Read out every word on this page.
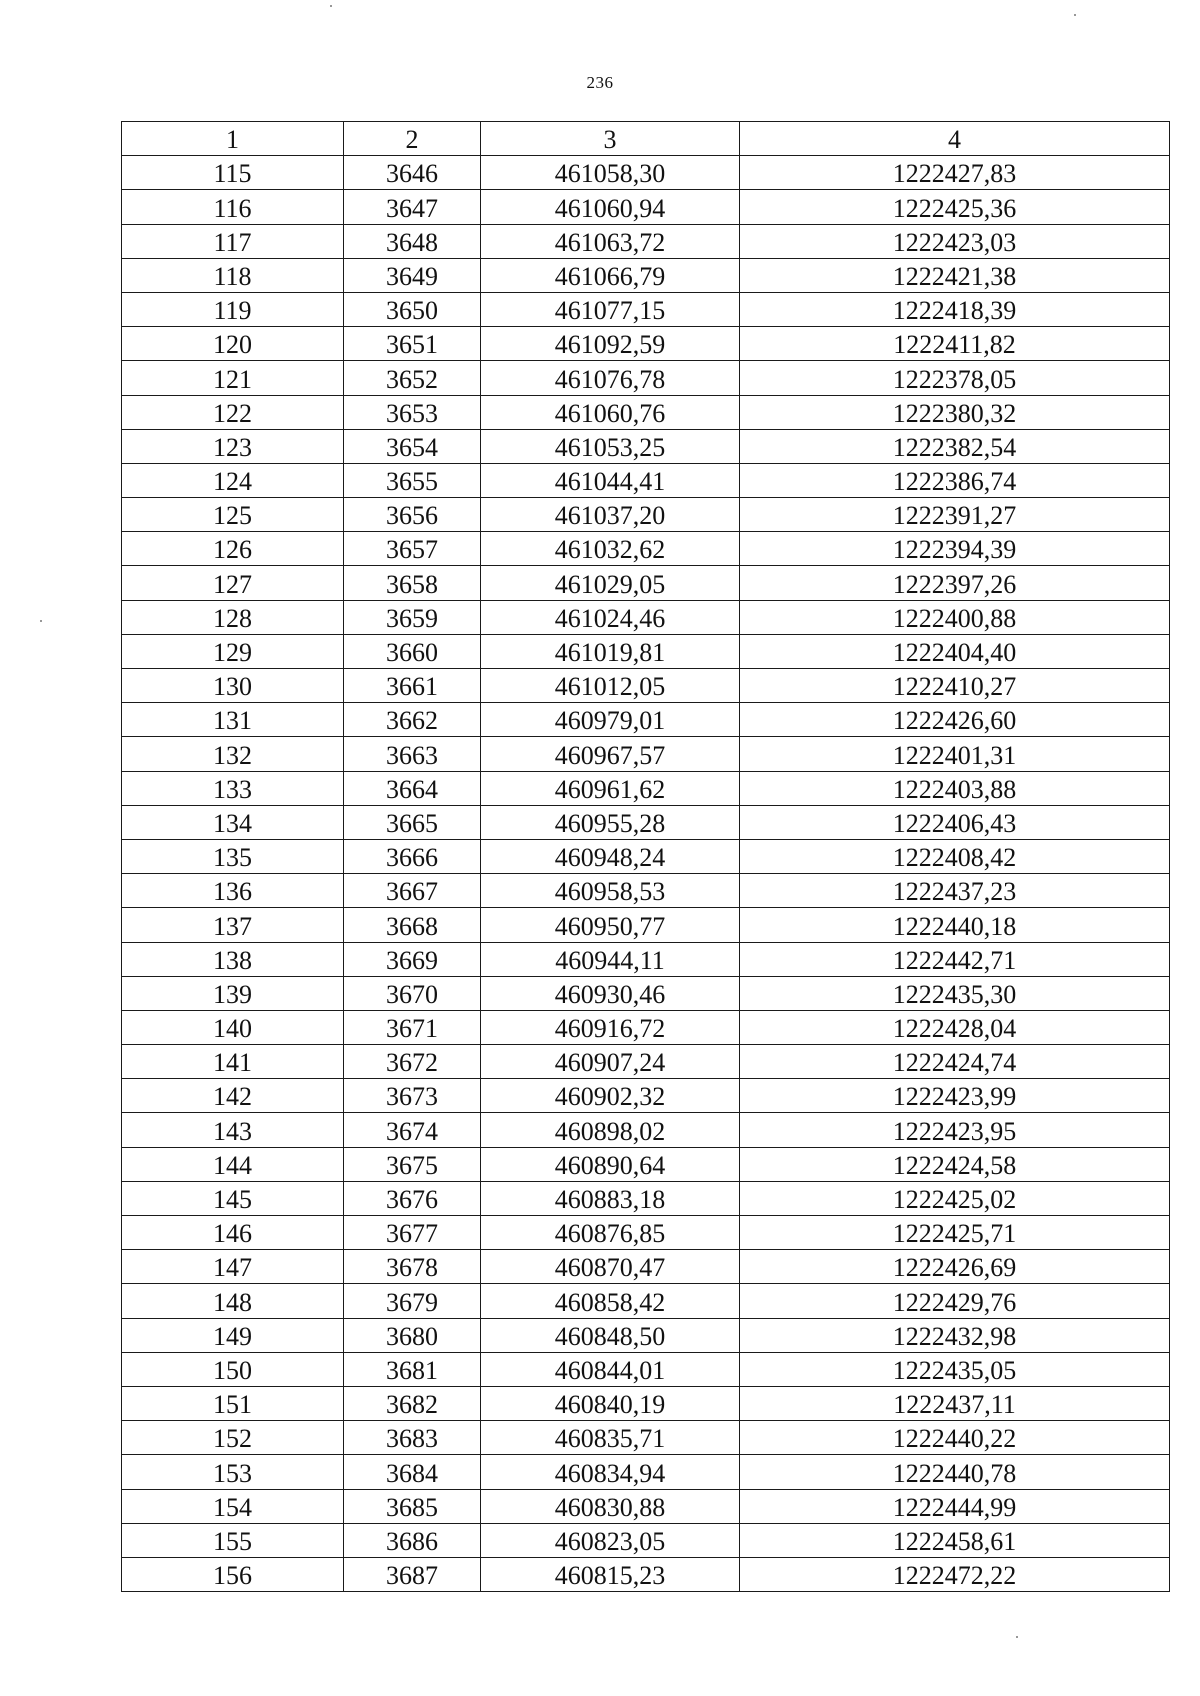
236
1	2	3	4
115	3646	461058,30	1222427,83
116	3647	461060,94	1222425,36
117	3648	461063,72	1222423,03
118	3649	461066,79	1222421,38
119	3650	461077,15	1222418,39
120	3651	461092,59	1222411,82
121	3652	461076,78	1222378,05
122	3653	461060,76	1222380,32
123	3654	461053,25	1222382,54
124	3655	461044,41	1222386,74
125	3656	461037,20	1222391,27
126	3657	461032,62	1222394,39
127	3658	461029,05	1222397,26
128	3659	461024,46	1222400,88
129	3660	461019,81	1222404,40
130	3661	461012,05	1222410,27
131	3662	460979,01	1222426,60
132	3663	460967,57	1222401,31
133	3664	460961,62	1222403,88
134	3665	460955,28	1222406,43
135	3666	460948,24	1222408,42
136	3667	460958,53	1222437,23
137	3668	460950,77	1222440,18
138	3669	460944,11	1222442,71
139	3670	460930,46	1222435,30
140	3671	460916,72	1222428,04
141	3672	460907,24	1222424,74
142	3673	460902,32	1222423,99
143	3674	460898,02	1222423,95
144	3675	460890,64	1222424,58
145	3676	460883,18	1222425,02
146	3677	460876,85	1222425,71
147	3678	460870,47	1222426,69
148	3679	460858,42	1222429,76
149	3680	460848,50	1222432,98
150	3681	460844,01	1222435,05
151	3682	460840,19	1222437,11
152	3683	460835,71	1222440,22
153	3684	460834,94	1222440,78
154	3685	460830,88	1222444,99
155	3686	460823,05	1222458,61
156	3687	460815,23	1222472,22
